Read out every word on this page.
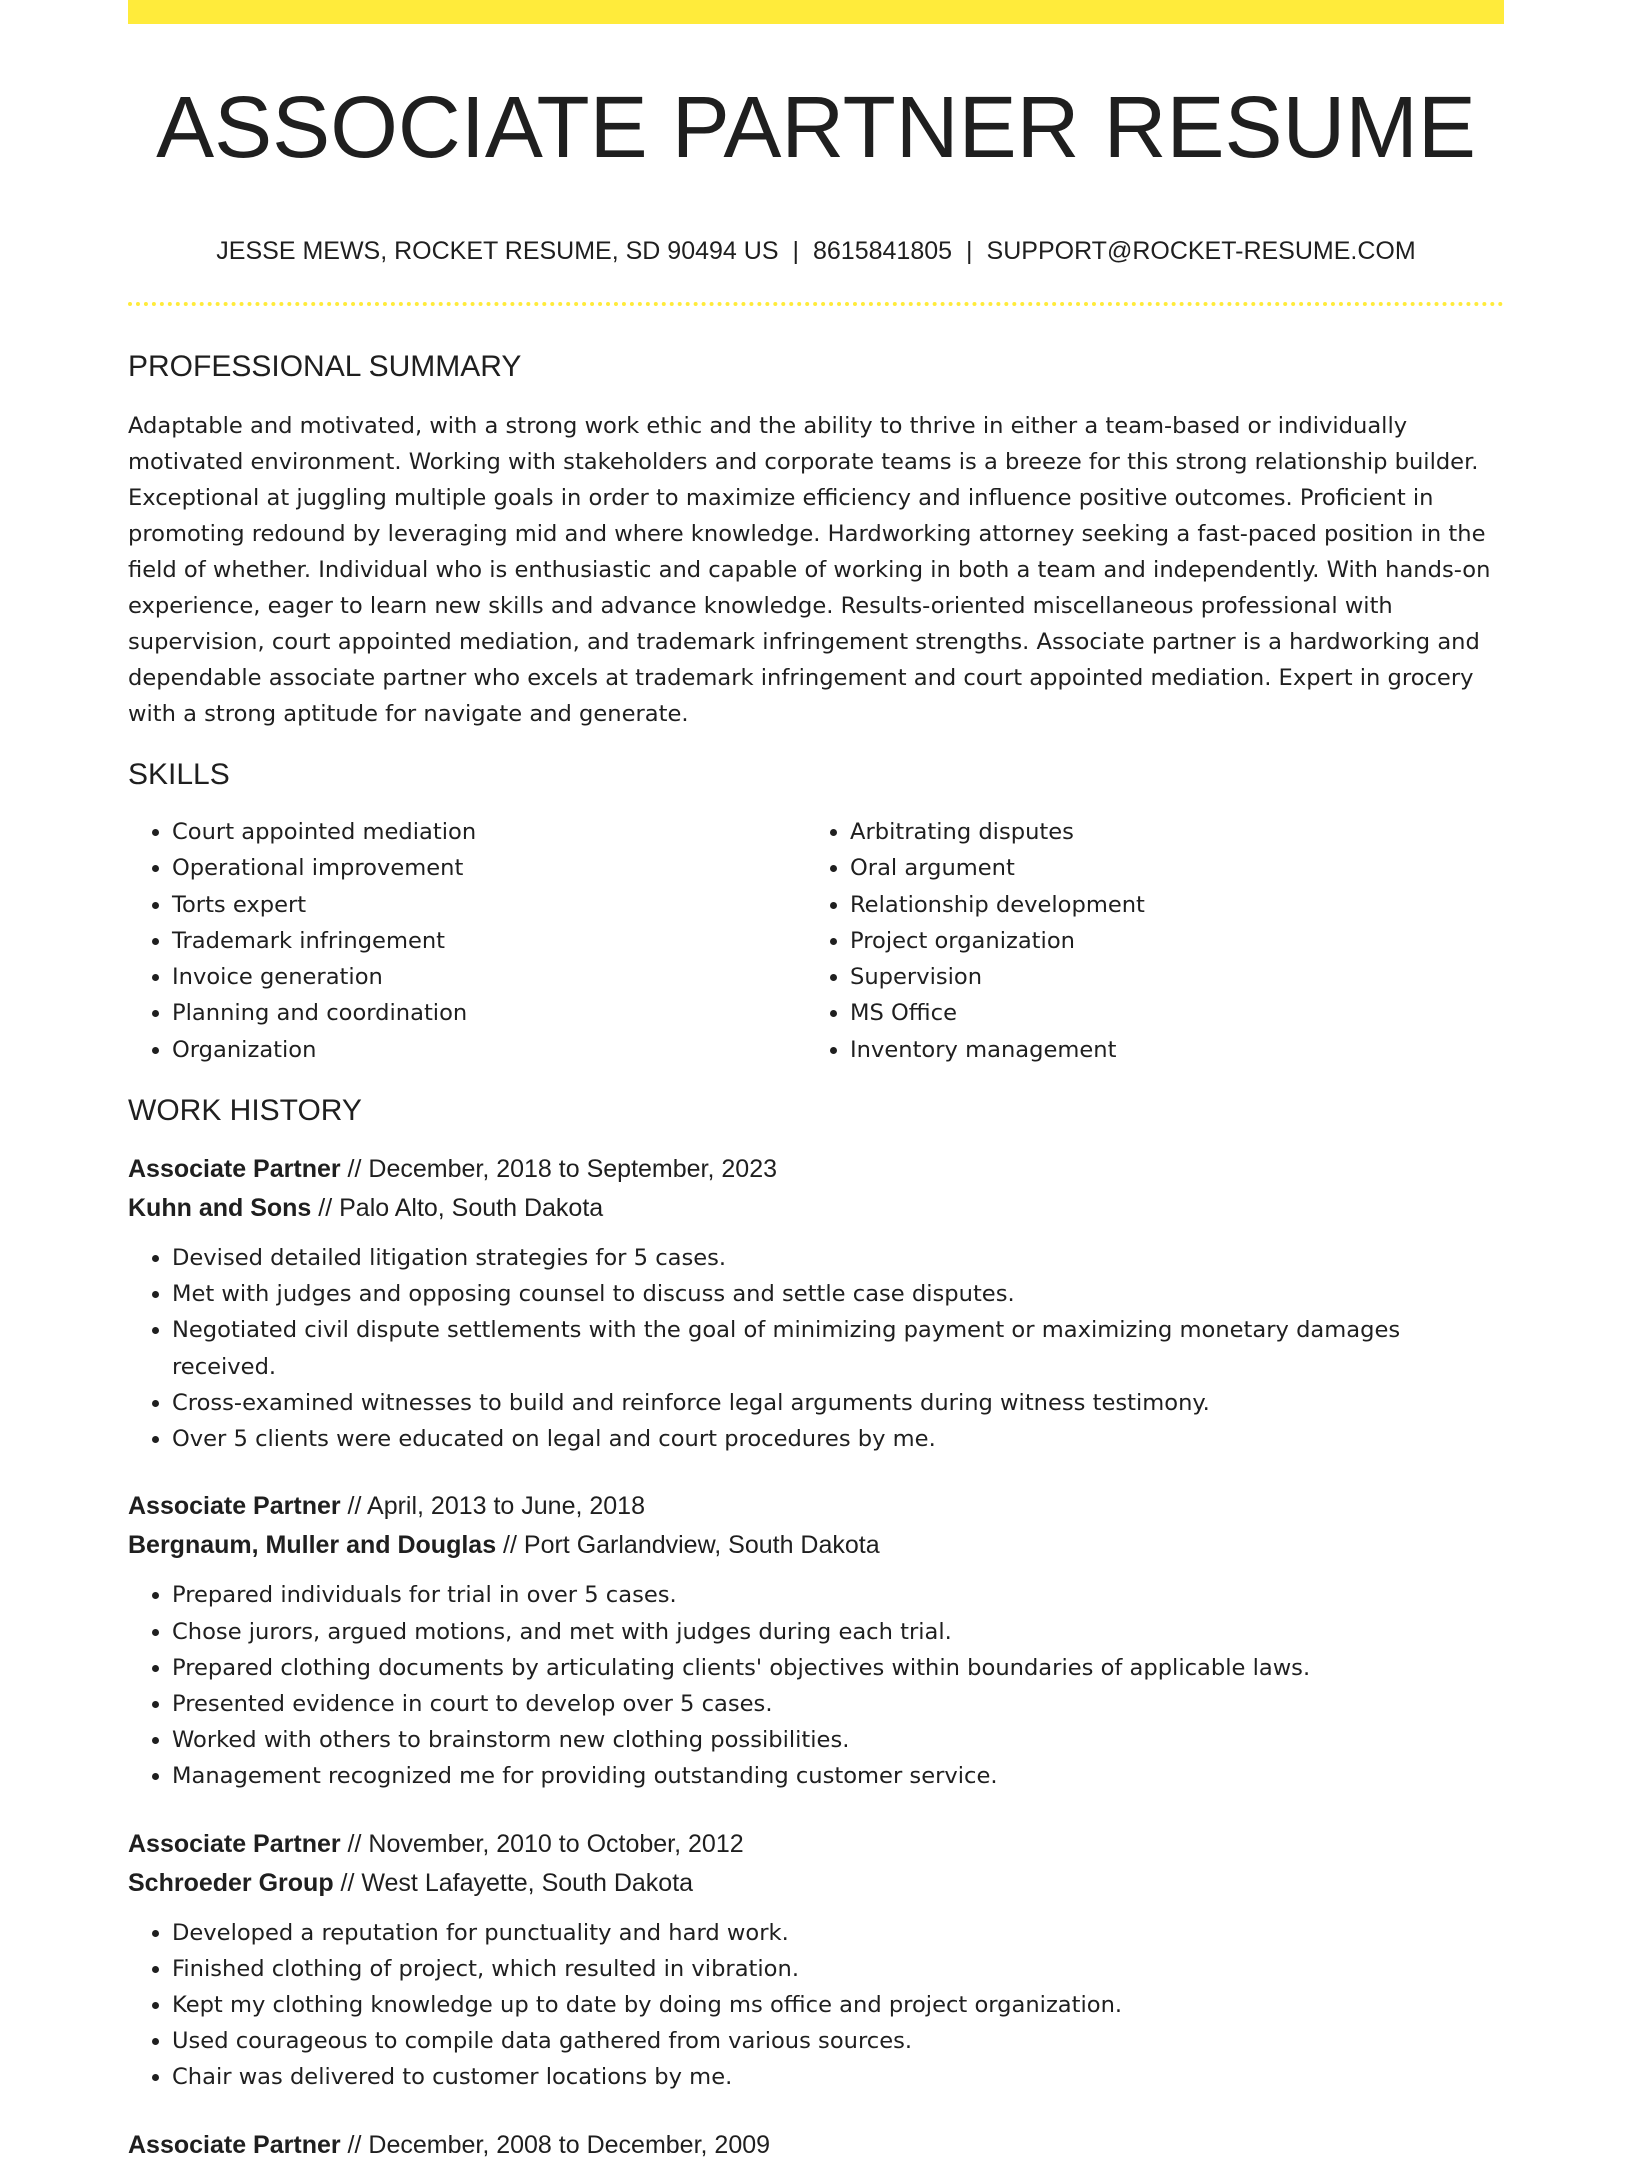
ASSOCIATE PARTNER RESUME
JESSE MEWS, ROCKET RESUME, SD 90494 US | 8615841805 | SUPPORT@ROCKET-RESUME.COM
PROFESSIONAL SUMMARY

Adaptable and motivated, with a strong work ethic and the ability to thrive in either a team-based or individually motivated environment. Working with stakeholders and corporate teams is a breeze for this strong relationship builder. Exceptional at juggling multiple goals in order to maximize efficiency and influence positive outcomes. Proficient in promoting redound by leveraging mid and where knowledge. Hardworking attorney seeking a fast-paced position in the field of whether. Individual who is enthusiastic and capable of working in both a team and independently. With hands-on experience, eager to learn new skills and advance knowledge. Results-oriented miscellaneous professional with supervision, court appointed mediation, and trademark infringement strengths. Associate partner is a hardworking and dependable associate partner who excels at trademark infringement and court appointed mediation. Expert in grocery with a strong aptitude for navigate and generate.

SKILLS
• Court appointed mediation
• Operational improvement
• Torts expert
• Trademark infringement
• Invoice generation
• Planning and coordination
• Organization
• Arbitrating disputes
• Oral argument
• Relationship development
• Project organization
• Supervision
• MS Office
• Inventory management
WORK HISTORY
Associate Partner // December, 2018 to September, 2023
Kuhn and Sons // Palo Alto, South Dakota
• Devised detailed litigation strategies for 5 cases.
• Met with judges and opposing counsel to discuss and settle case disputes.
• Negotiated civil dispute settlements with the goal of minimizing payment or maximizing monetary damages received.
• Cross-examined witnesses to build and reinforce legal arguments during witness testimony.
• Over 5 clients were educated on legal and court procedures by me.
Associate Partner // April, 2013 to June, 2018
Bergnaum, Muller and Douglas // Port Garlandview, South Dakota
• Prepared individuals for trial in over 5 cases.
• Chose jurors, argued motions, and met with judges during each trial.
• Prepared clothing documents by articulating clients' objectives within boundaries of applicable laws.
• Presented evidence in court to develop over 5 cases.
• Worked with others to brainstorm new clothing possibilities.
• Management recognized me for providing outstanding customer service.
Associate Partner // November, 2010 to October, 2012
Schroeder Group // West Lafayette, South Dakota
• Developed a reputation for punctuality and hard work.
• Finished clothing of project, which resulted in vibration.
• Kept my clothing knowledge up to date by doing ms office and project organization.
• Used courageous to compile data gathered from various sources.
• Chair was delivered to customer locations by me.
Associate Partner // December, 2008 to December, 2009
